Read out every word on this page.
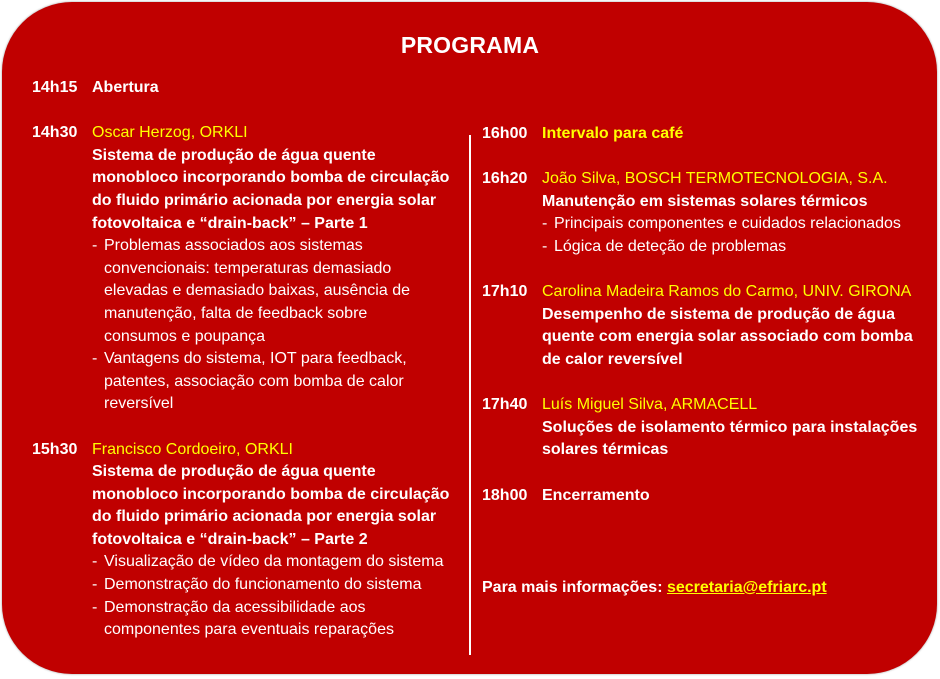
PROGRAMA
14h15 Abertura
14h30 Oscar Herzog, ORKLI
Sistema de produção de água quente
monobloco incorporando bomba de circulação
do fluido primário acionada por energia solar
fotovoltaica e “drain-back” – Parte 1
- Problemas associados aos sistemas
convencionais: temperaturas demasiado
elevadas e demasiado baixas, ausência de
manutenção, falta de feedback sobre
consumos e poupança
- Vantagens do sistema, IOT para feedback,
patentes, associação com bomba de calor
reversível
15h30 Francisco Cordoeiro, ORKLI
Sistema de produção de água quente
monobloco incorporando bomba de circulação
do fluido primário acionada por energia solar
fotovoltaica e “drain-back” – Parte 2
- Visualização de vídeo da montagem do sistema
- Demonstração do funcionamento do sistema
- Demonstração da acessibilidade aos
componentes para eventuais reparações
16h00 Intervalo para café
16h20 João Silva, BOSCH TERMOTECNOLOGIA, S.A.
Manutenção em sistemas solares térmicos
- Principais componentes e cuidados relacionados
- Lógica de deteção de problemas
17h10 Carolina Madeira Ramos do Carmo, UNIV. GIRONA
Desempenho de sistema de produção de água
quente com energia solar associado com bomba
de calor reversível
17h40 Luís Miguel Silva, ARMACELL
Soluções de isolamento térmico para instalações
solares térmicas
18h00 Encerramento
Para mais informações: secretaria@efriarc.pt
